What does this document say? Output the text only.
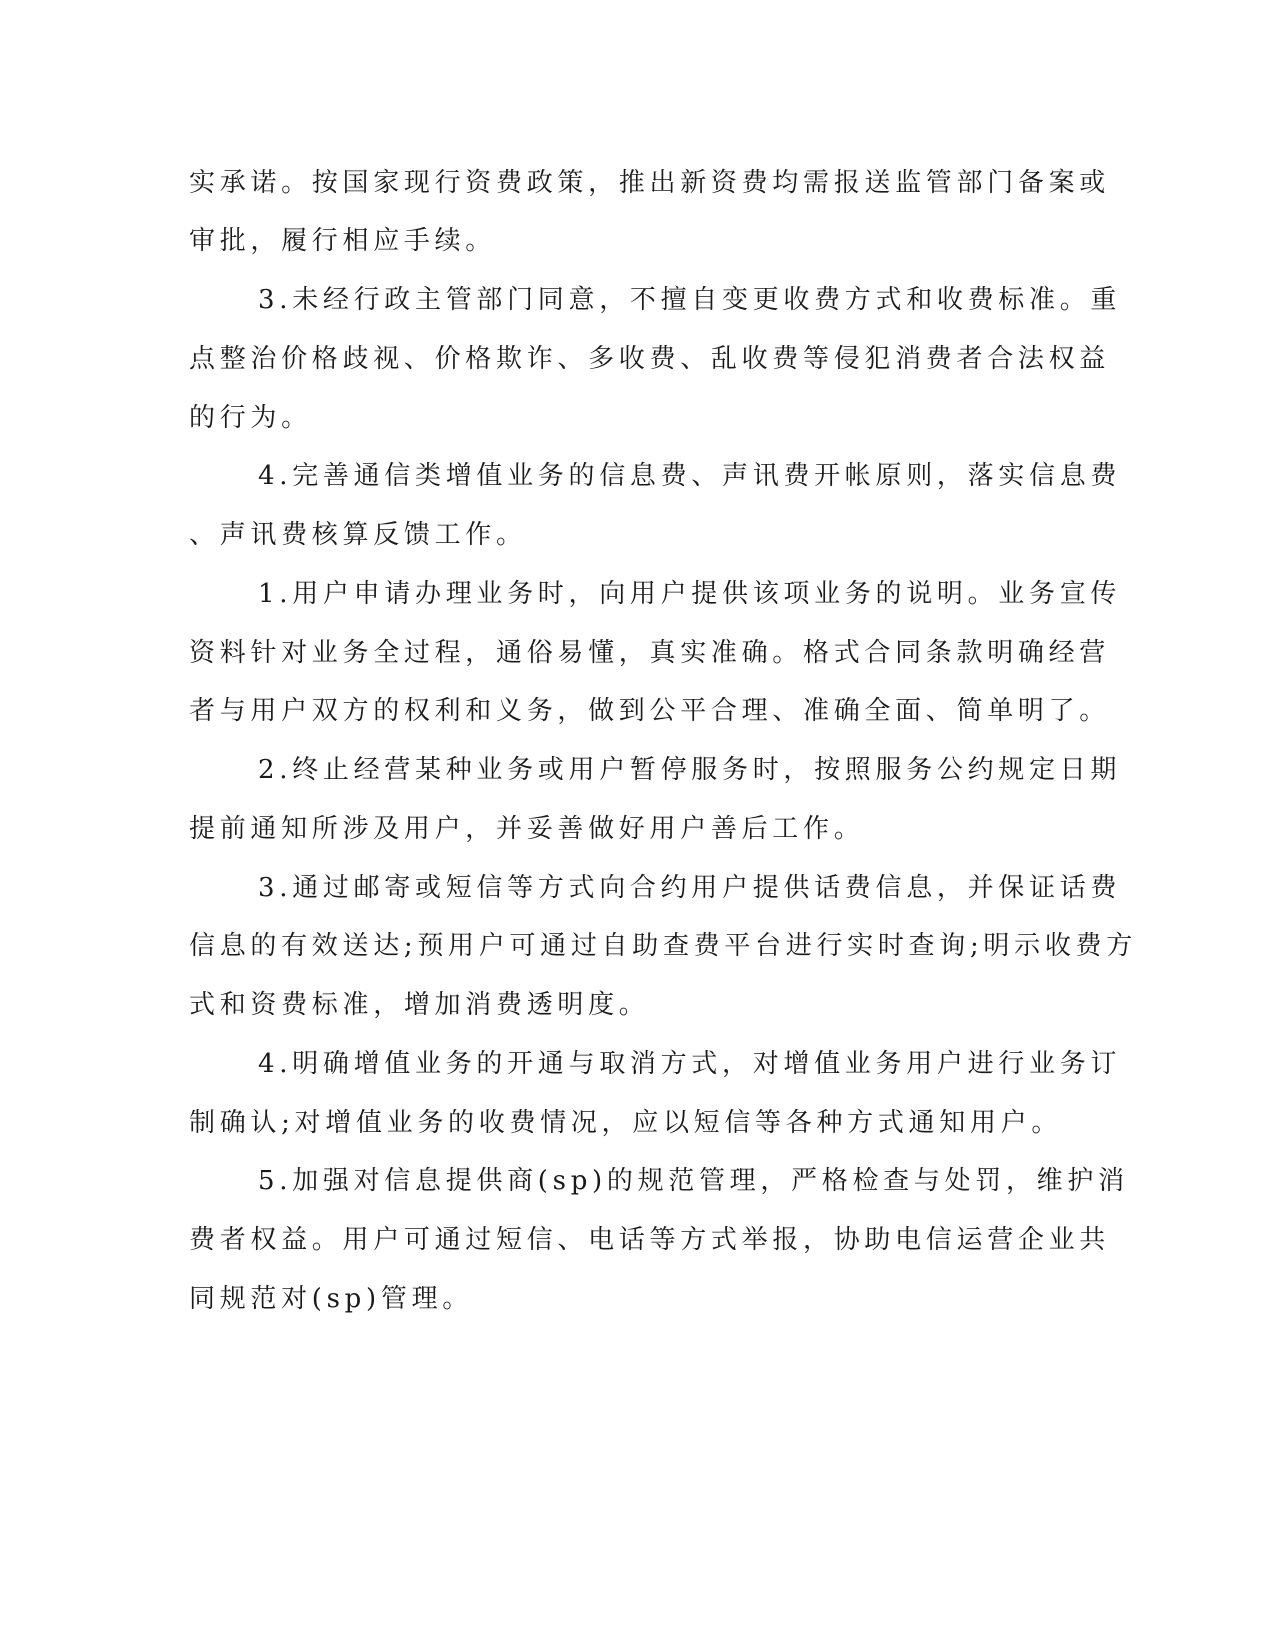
实承诺。按国家现行资费政策，推出新资费均需报送监管部门备案或
审批，履行相应手续。
3.未经行政主管部门同意，不擅自变更收费方式和收费标准。重
点整治价格歧视、价格欺诈、多收费、乱收费等侵犯消费者合法权益
的行为。
4.完善通信类增值业务的信息费、声讯费开帐原则，落实信息费
、声讯费核算反馈工作。
1.用户申请办理业务时，向用户提供该项业务的说明。业务宣传
资料针对业务全过程，通俗易懂，真实准确。格式合同条款明确经营
者与用户双方的权利和义务，做到公平合理、准确全面、简单明了。
2.终止经营某种业务或用户暂停服务时，按照服务公约规定日期
提前通知所涉及用户，并妥善做好用户善后工作。
3.通过邮寄或短信等方式向合约用户提供话费信息，并保证话费
信息的有效送达;预用户可通过自助查费平台进行实时查询;明示收费方
式和资费标准，增加消费透明度。
4.明确增值业务的开通与取消方式，对增值业务用户进行业务订
制确认;对增值业务的收费情况，应以短信等各种方式通知用户。
5.加强对信息提供商(sp)的规范管理，严格检查与处罚，维护消
费者权益。用户可通过短信、电话等方式举报，协助电信运营企业共
同规范对(sp)管理。
